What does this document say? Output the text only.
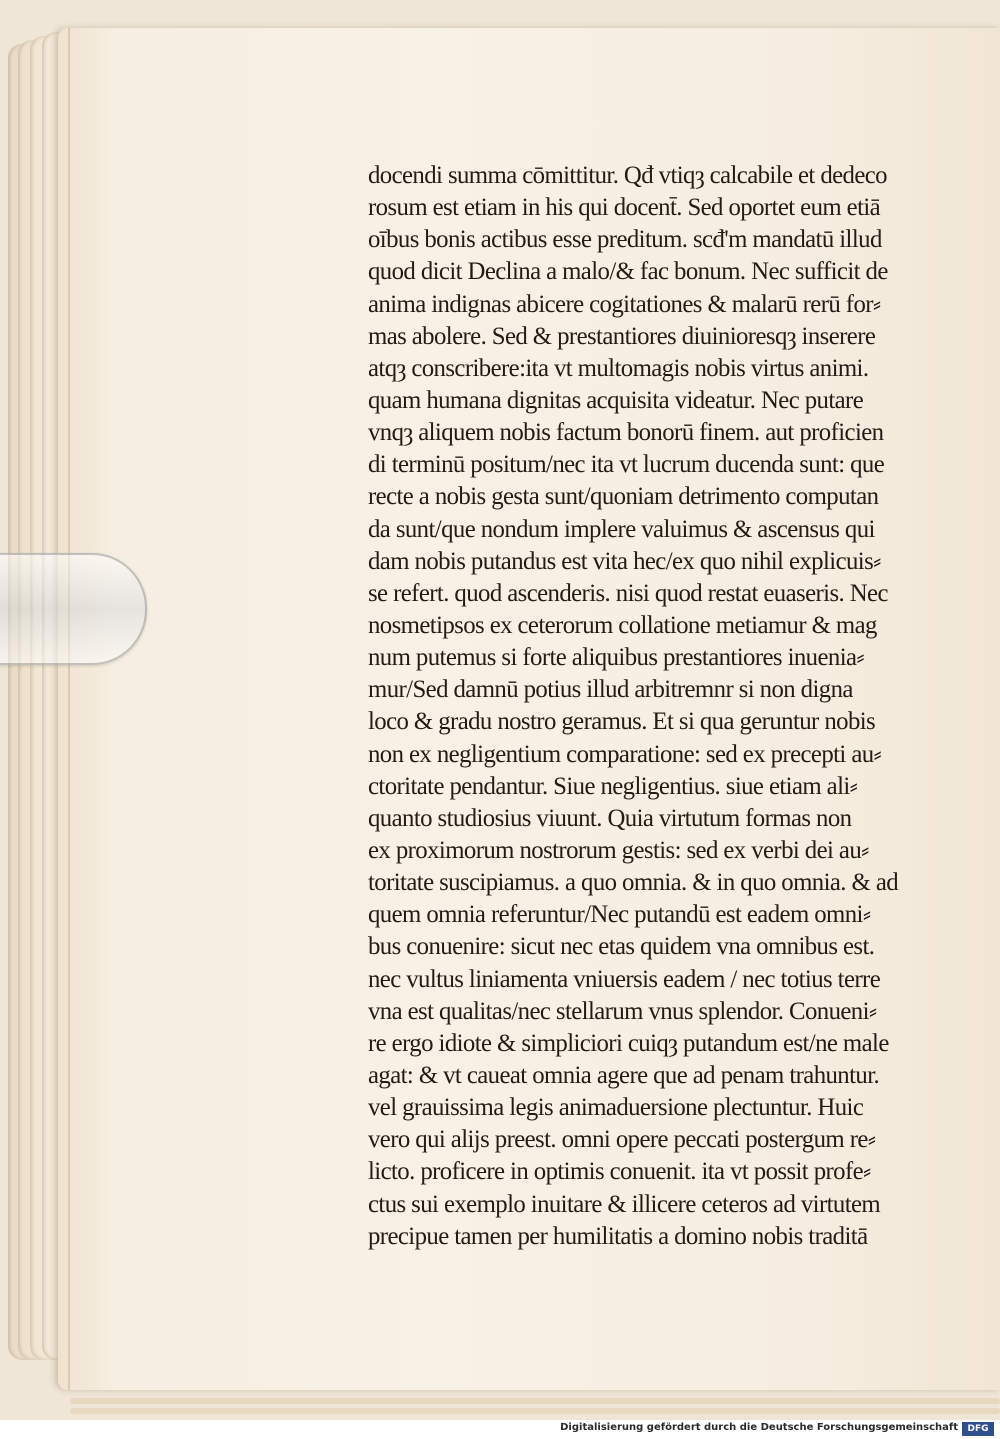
docendi summa cōmittitur. Qđ vtiqȝ calcabile et dedeco
rosum est etiam in his qui docent̄. Sed oportet eum etiā
oībus bonis actibus esse preditum. scđ'm mandatū illud
quod dicit Declina a malo/& fac bonum. Nec sufficit de
anima indignas abicere cogitationes & malarū rerū for⸗
mas abolere. Sed & prestantiores diuinioresqȝ inserere
atqȝ conscribere:ita vt multomagis nobis virtus animi.
quam humana dignitas acquisita videatur. Nec putare
vnqȝ aliquem nobis factum bonorū finem. aut proficien
di terminū positum/nec ita vt lucrum ducenda sunt: que
recte a nobis gesta sunt/quoniam detrimento computan
da sunt/que nondum implere valuimus & ascensus qui
dam nobis putandus est vita hec/ex quo nihil explicuis⸗
se refert. quod ascenderis. nisi quod restat euaseris. Nec
nosmetipsos ex ceterorum collatione metiamur & mag
num putemus si forte aliquibus prestantiores inuenia⸗
mur/Sed damnū potius illud arbitremnr si non digna
loco & gradu nostro geramus. Et si qua geruntur nobis
non ex negligentium comparatione: sed ex precepti au⸗
ctoritate pendantur. Siue negligentius. siue etiam ali⸗
quanto studiosius viuunt. Quia virtutum formas non
ex proximorum nostrorum gestis: sed ex verbi dei au⸗
toritate suscipiamus. a quo omnia. & in quo omnia. & ad
quem omnia referuntur/Nec putandū est eadem omni⸗
bus conuenire: sicut nec etas quidem vna omnibus est.
nec vultus liniamenta vniuersis eadem / nec totius terre
vna est qualitas/nec stellarum vnus splendor. Conueni⸗
re ergo idiote & simpliciori cuiqȝ putandum est/ne male
agat: & vt caueat omnia agere que ad penam trahuntur.
vel grauissima legis animaduersione plectuntur. Huic
vero qui alijs preest. omni opere peccati postergum re⸗
licto. proficere in optimis conuenit. ita vt possit profe⸗
ctus sui exemplo inuitare & illicere ceteros ad virtutem
precipue tamen per humilitatis a domino nobis traditā
Digitalisierung gefördert durch die Deutsche Forschungsgemeinschaft	DFG
